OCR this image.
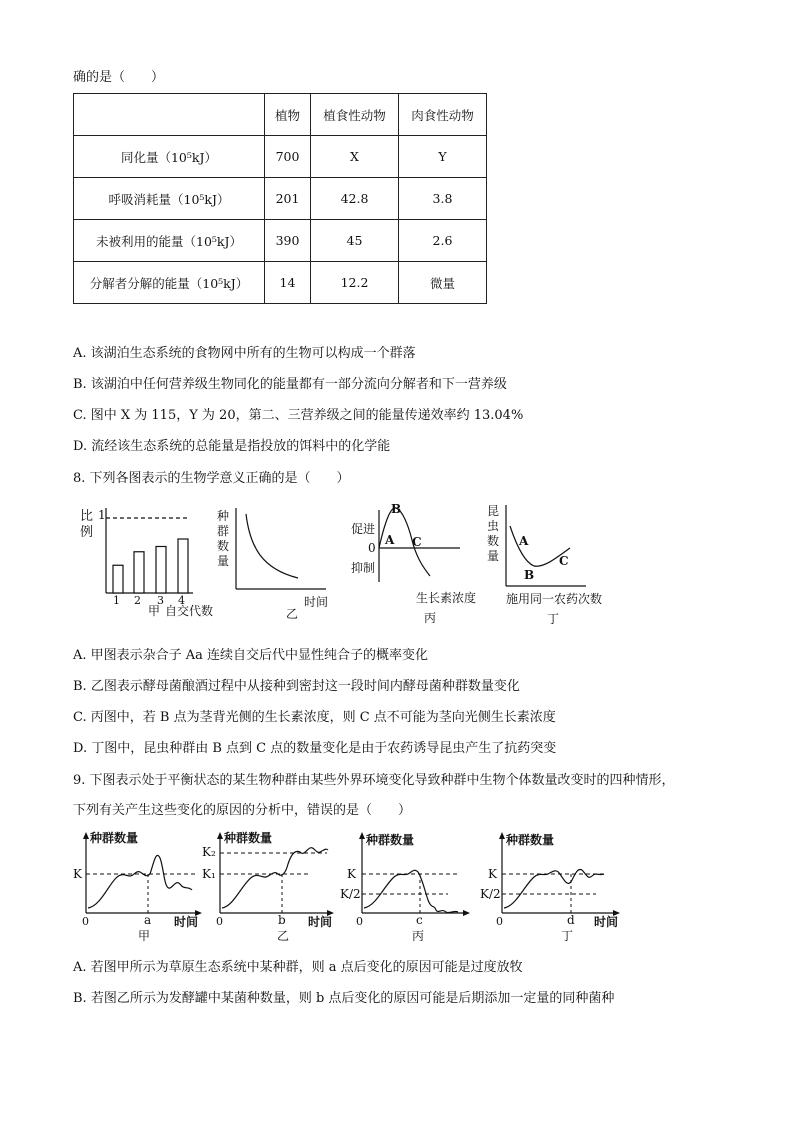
确的是（　　）
	植物	植食性动物	肉食性动物
同化量（10⁵kJ）	700	X	Y
呼吸消耗量（10⁵kJ）	201	42.8	3.8
未被利用的能量（10⁵kJ）	390	45	2.6
分解者分解的能量（10⁵kJ）	14	12.2	微量
A. 该湖泊生态系统的食物网中所有的生物可以构成一个群落
B. 该湖泊中任何营养级生物同化的能量都有一部分流向分解者和下一营养级
C. 图中 X 为 115，Y 为 20，第二、三营养级之间的能量传递效率约 13.04%
D. 流经该生态系统的总能量是指投放的饵料中的化学能
8. 下列各图表示的生物学意义正确的是（　　）
比
例
1
1 2 3 4
甲 自交代数
种
群
数
量
时间
乙
促进
0
抑制
B
A C
生长素浓度
丙
昆
虫
数
量
A
B
C
施用同一农药次数
丁
A. 甲图表示杂合子 Aa 连续自交后代中显性纯合子的概率变化
B. 乙图表示酵母菌酿酒过程中从接种到密封这一段时间内酵母菌种群数量变化
C. 丙图中，若 B 点为茎背光侧的生长素浓度，则 C 点不可能为茎向光侧生长素浓度
D. 丁图中，昆虫种群由 B 点到 C 点的数量变化是由于农药诱导昆虫产生了抗药突变
9. 下图表示处于平衡状态的某生物种群由某些外界环境变化导致种群中生物个体数量改变时的四种情形，
下列有关产生这些变化的原因的分析中，错误的是（　　）
种群数量
K
0	a 时间
甲
种群数量
K₂
K₁
0	b 时间
乙
种群数量
K
K/2
0	c
丙
种群数量
K
K/2
0	d 时间
丁
A. 若图甲所示为草原生态系统中某种群，则 a 点后变化的原因可能是过度放牧
B. 若图乙所示为发酵罐中某菌种数量，则 b 点后变化的原因可能是后期添加一定量的同种菌种
